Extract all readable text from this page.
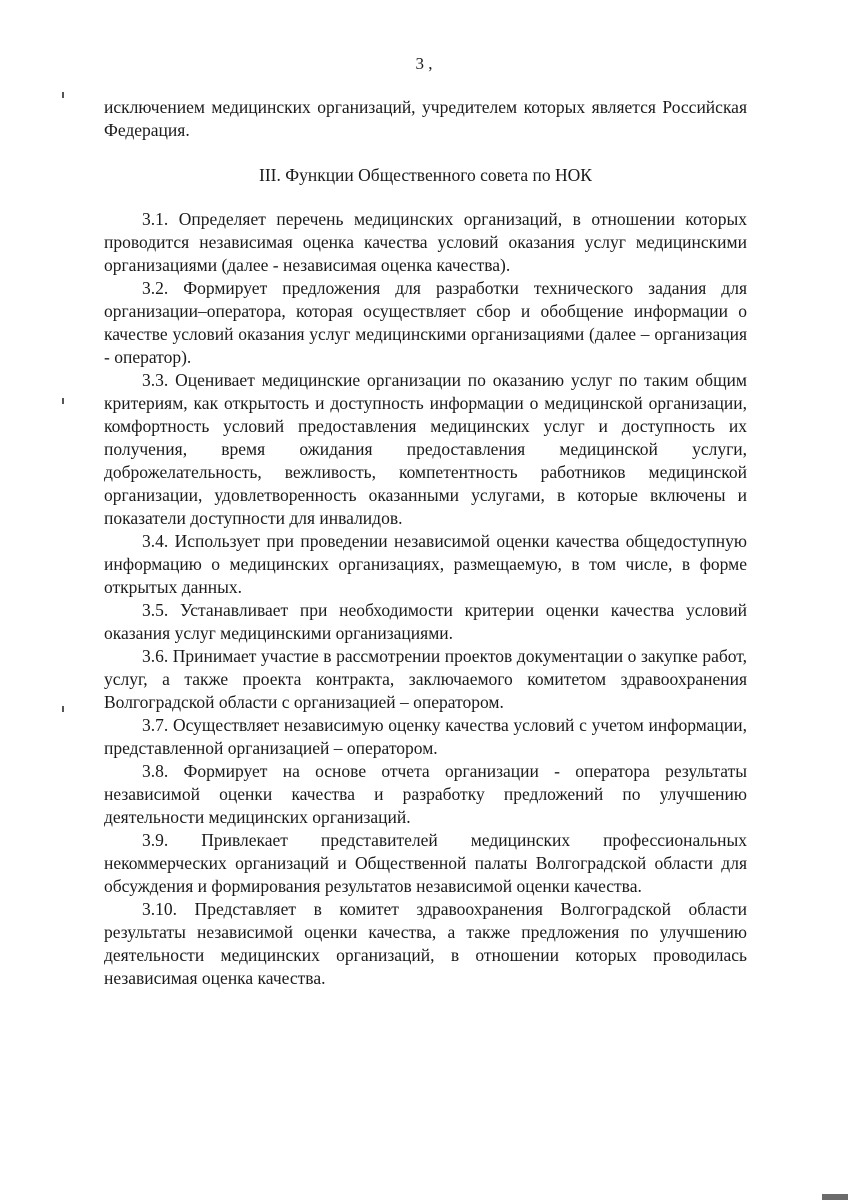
3 ,

исключением медицинских организаций, учредителем которых является Российская Федерация.

III. Функции Общественного совета по НОК

3.1. Определяет перечень медицинских организаций, в отношении которых проводится независимая оценка качества условий оказания услуг медицинскими организациями (далее - независимая оценка качества).

3.2. Формирует предложения для разработки технического задания для организации–оператора, которая осуществляет сбор и обобщение информации о качестве условий оказания услуг медицинскими организациями (далее – организация - оператор).

3.3. Оценивает медицинские организации по оказанию услуг по таким общим критериям, как открытость и доступность информации о медицинской организации, комфортность условий предоставления медицинских услуг и доступность их получения, время ожидания предоставления медицинской услуги, доброжелательность, вежливость, компетентность работников медицинской организации, удовлетворенность оказанными услугами, в которые включены и показатели доступности для инвалидов.

3.4. Использует при проведении независимой оценки качества общедоступную информацию о медицинских организациях, размещаемую, в том числе, в форме открытых данных.

3.5. Устанавливает при необходимости критерии оценки качества условий оказания услуг медицинскими организациями.

3.6. Принимает участие в рассмотрении проектов документации о закупке работ, услуг, а также проекта контракта, заключаемого комитетом здравоохранения Волгоградской области с организацией – оператором.

3.7. Осуществляет независимую оценку качества условий с учетом информации, представленной организацией – оператором.

3.8. Формирует на основе отчета организации - оператора результаты независимой оценки качества и разработку предложений по улучшению деятельности медицинских организаций.

3.9. Привлекает представителей медицинских профессиональных некоммерческих организаций и Общественной палаты Волгоградской области для обсуждения и формирования результатов независимой оценки качества.

3.10. Представляет в комитет здравоохранения Волгоградской области результаты независимой оценки качества, а также предложения по улучшению деятельности медицинских организаций, в отношении которых проводилась независимая оценка качества.
